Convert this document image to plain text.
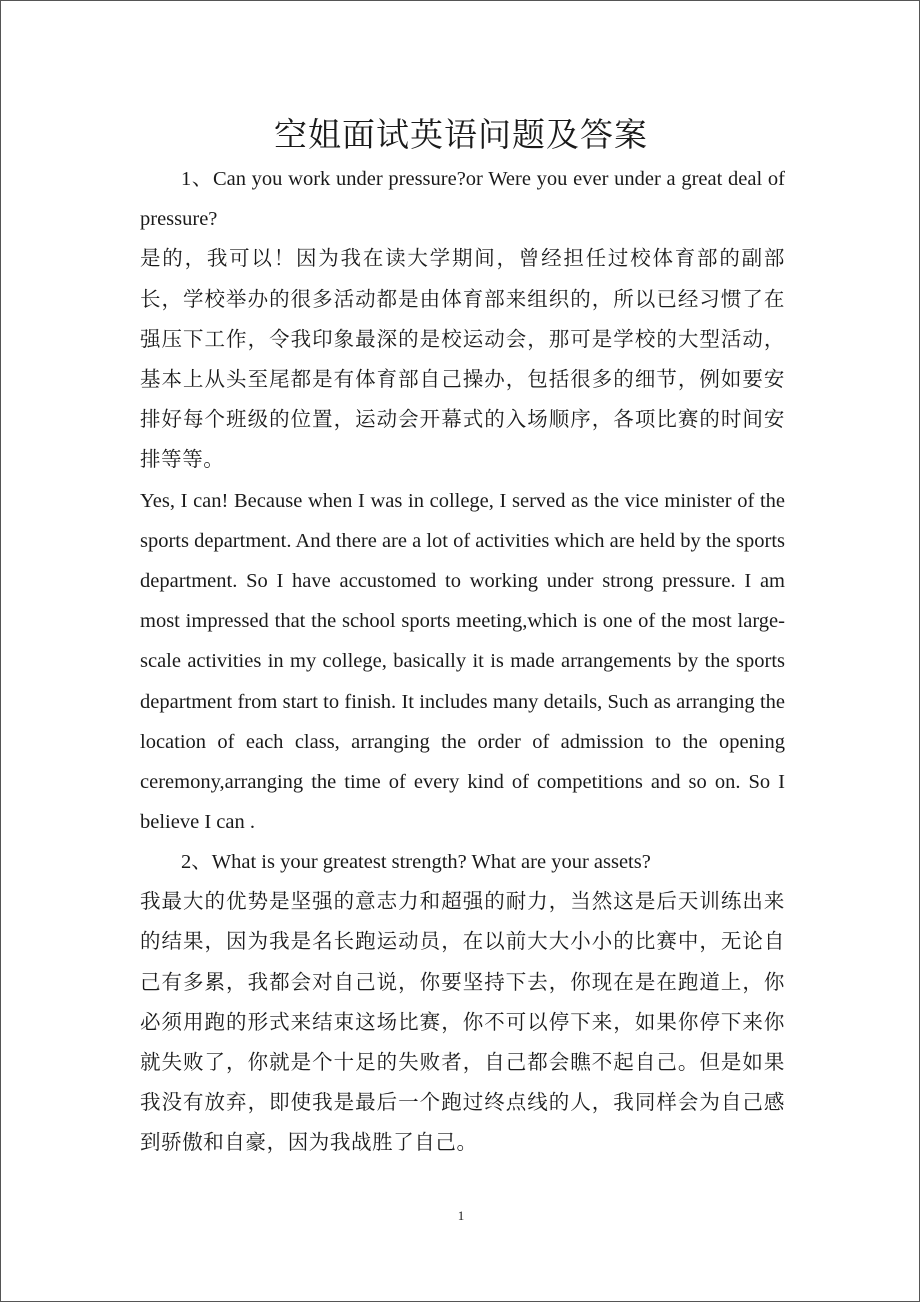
空姐面试英语问题及答案

1、Can you work under pressure?or Were you ever under a great deal of pressure?

是的，我可以！因为我在读大学期间，曾经担任过校体育部的副部长，学校举办的很多活动都是由体育部来组织的，所以已经习惯了在强压下工作，令我印象最深的是校运动会，那可是学校的大型活动，基本上从头至尾都是有体育部自己操办，包括很多的细节，例如要安排好每个班级的位置，运动会开幕式的入场顺序，各项比赛的时间安排等等。

Yes, I can! Because when I was in college, I served as the vice minister of the sports department. And there are a lot of activities which are held by the sports department. So I have accustomed to working under strong pressure. I am most impressed that the school sports meeting,which is one of the most large-scale activities in my college, basically it is made arrangements by the sports department from start to finish. It includes many details, Such as arranging the location of each class, arranging the order of admission to the opening ceremony,arranging the time of every kind of competitions and so on. So I believe I can .

2、What is your greatest strength? What are your assets?

我最大的优势是坚强的意志力和超强的耐力，当然这是后天训练出来的结果，因为我是名长跑运动员，在以前大大小小的比赛中，无论自己有多累，我都会对自己说，你要坚持下去，你现在是在跑道上，你必须用跑的形式来结束这场比赛，你不可以停下来，如果你停下来你就失败了，你就是个十足的失败者，自己都会瞧不起自己。但是如果我没有放弃，即使我是最后一个跑过终点线的人，我同样会为自己感到骄傲和自豪，因为我战胜了自己。

1
